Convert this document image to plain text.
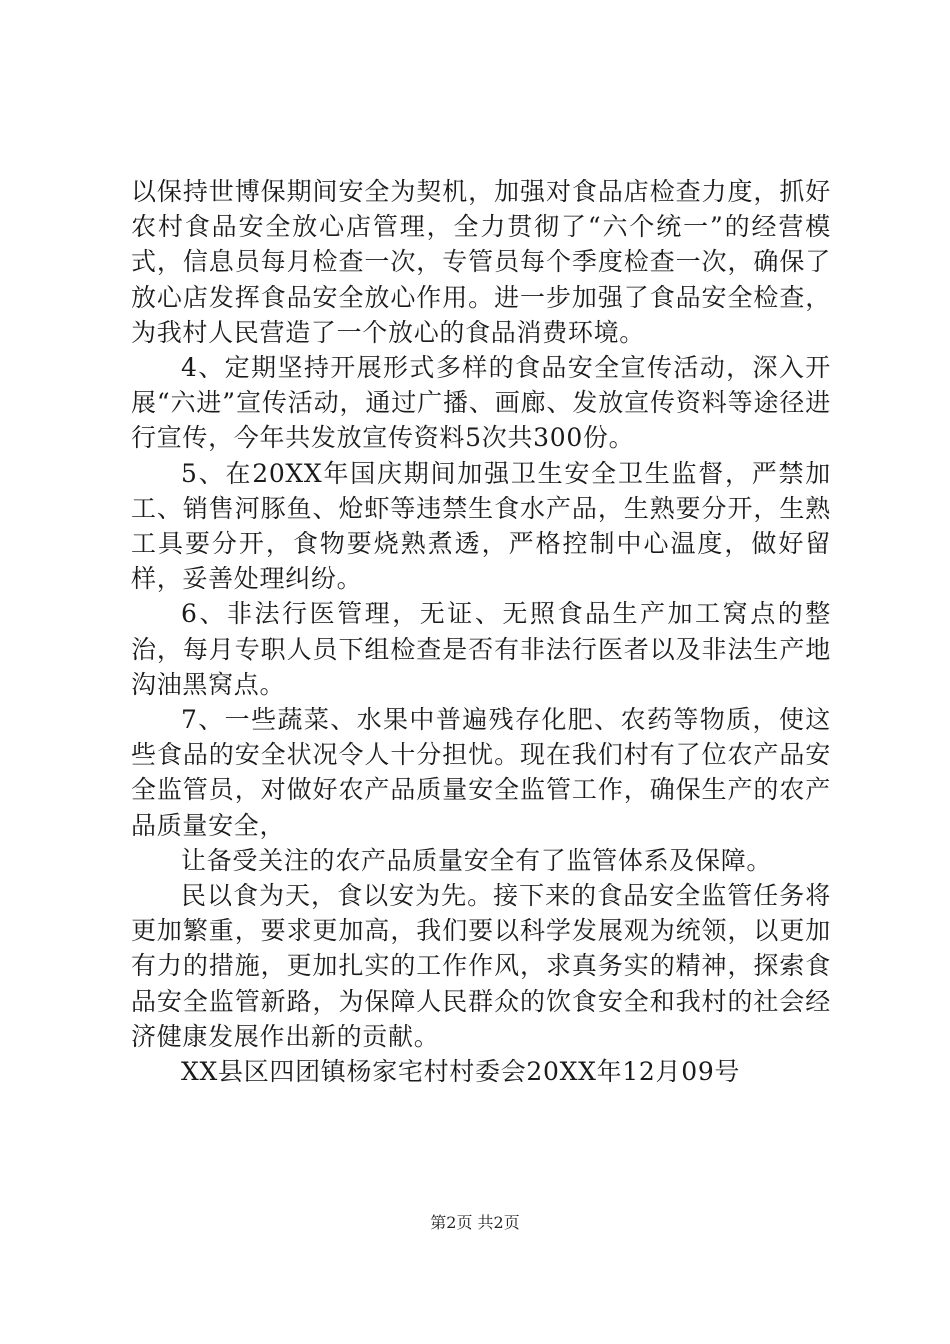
以保持世博保期间安全为契机，加强对食品店检查力度，抓好农村食品安全放心店管理，全力贯彻了“六个统一”的经营模式，信息员每月检查一次，专管员每个季度检查一次，确保了放心店发挥食品安全放心作用。进一步加强了食品安全检查，为我村人民营造了一个放心的食品消费环境。

4、定期坚持开展形式多样的食品安全宣传活动，深入开展“六进”宣传活动，通过广播、画廊、发放宣传资料等途径进行宣传，今年共发放宣传资料5次共300份。

5、在20XX年国庆期间加强卫生安全卫生监督，严禁加工、销售河豚鱼、炝虾等违禁生食水产品，生熟要分开，生熟工具要分开，食物要烧熟煮透，严格控制中心温度，做好留样，妥善处理纠纷。

6、非法行医管理，无证、无照食品生产加工窝点的整治，每月专职人员下组检查是否有非法行医者以及非法生产地沟油黑窝点。

7、一些蔬菜、水果中普遍残存化肥、农药等物质，使这些食品的安全状况令人十分担忧。现在我们村有了位农产品安全监管员，对做好农产品质量安全监管工作，确保生产的农产品质量安全，

让备受关注的农产品质量安全有了监管体系及保障。

民以食为天，食以安为先。接下来的食品安全监管任务将更加繁重，要求更加高，我们要以科学发展观为统领，以更加有力的措施，更加扎实的工作作风，求真务实的精神，探索食品安全监管新路，为保障人民群众的饮食安全和我村的社会经济健康发展作出新的贡献。

XX县区四团镇杨家宅村村委会20XX年12月09号

第2页 共2页
